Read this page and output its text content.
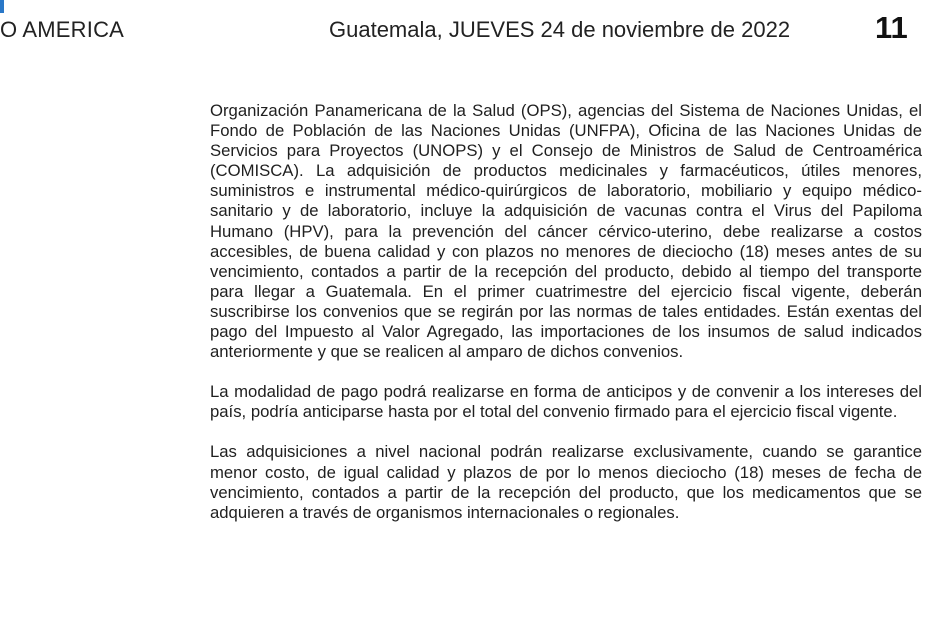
O AMERICA	Guatemala, JUEVES 24 de noviembre de 2022	11

Organización Panamericana de la Salud (OPS), agencias del Sistema de Naciones Unidas, el Fondo de Población de las Naciones Unidas (UNFPA), Oficina de las Naciones Unidas de Servicios para Proyectos (UNOPS) y el Consejo de Ministros de Salud de Centroamérica (COMISCA). La adquisición de productos medicinales y farmacéuticos, útiles menores, suministros e instrumental médico-quirúrgicos de laboratorio, mobiliario y equipo médico-sanitario y de laboratorio, incluye la adquisición de vacunas contra el Virus del Papiloma Humano (HPV), para la prevención del cáncer cérvico-uterino, debe realizarse a costos accesibles, de buena calidad y con plazos no menores de dieciocho (18) meses antes de su vencimiento, contados a partir de la recepción del producto, debido al tiempo del transporte para llegar a Guatemala. En el primer cuatrimestre del ejercicio fiscal vigente, deberán suscribirse los convenios que se regirán por las normas de tales entidades. Están exentas del pago del Impuesto al Valor Agregado, las importaciones de los insumos de salud indicados anteriormente y que se realicen al amparo de dichos convenios.

La modalidad de pago podrá realizarse en forma de anticipos y de convenir a los intereses del país, podría anticiparse hasta por el total del convenio firmado para el ejercicio fiscal vigente.

Las adquisiciones a nivel nacional podrán realizarse exclusivamente, cuando se garantice menor costo, de igual calidad y plazos de por lo menos dieciocho (18) meses de fecha de vencimiento, contados a partir de la recepción del producto, que los medicamentos que se adquieren a través de organismos internacionales o regionales.
